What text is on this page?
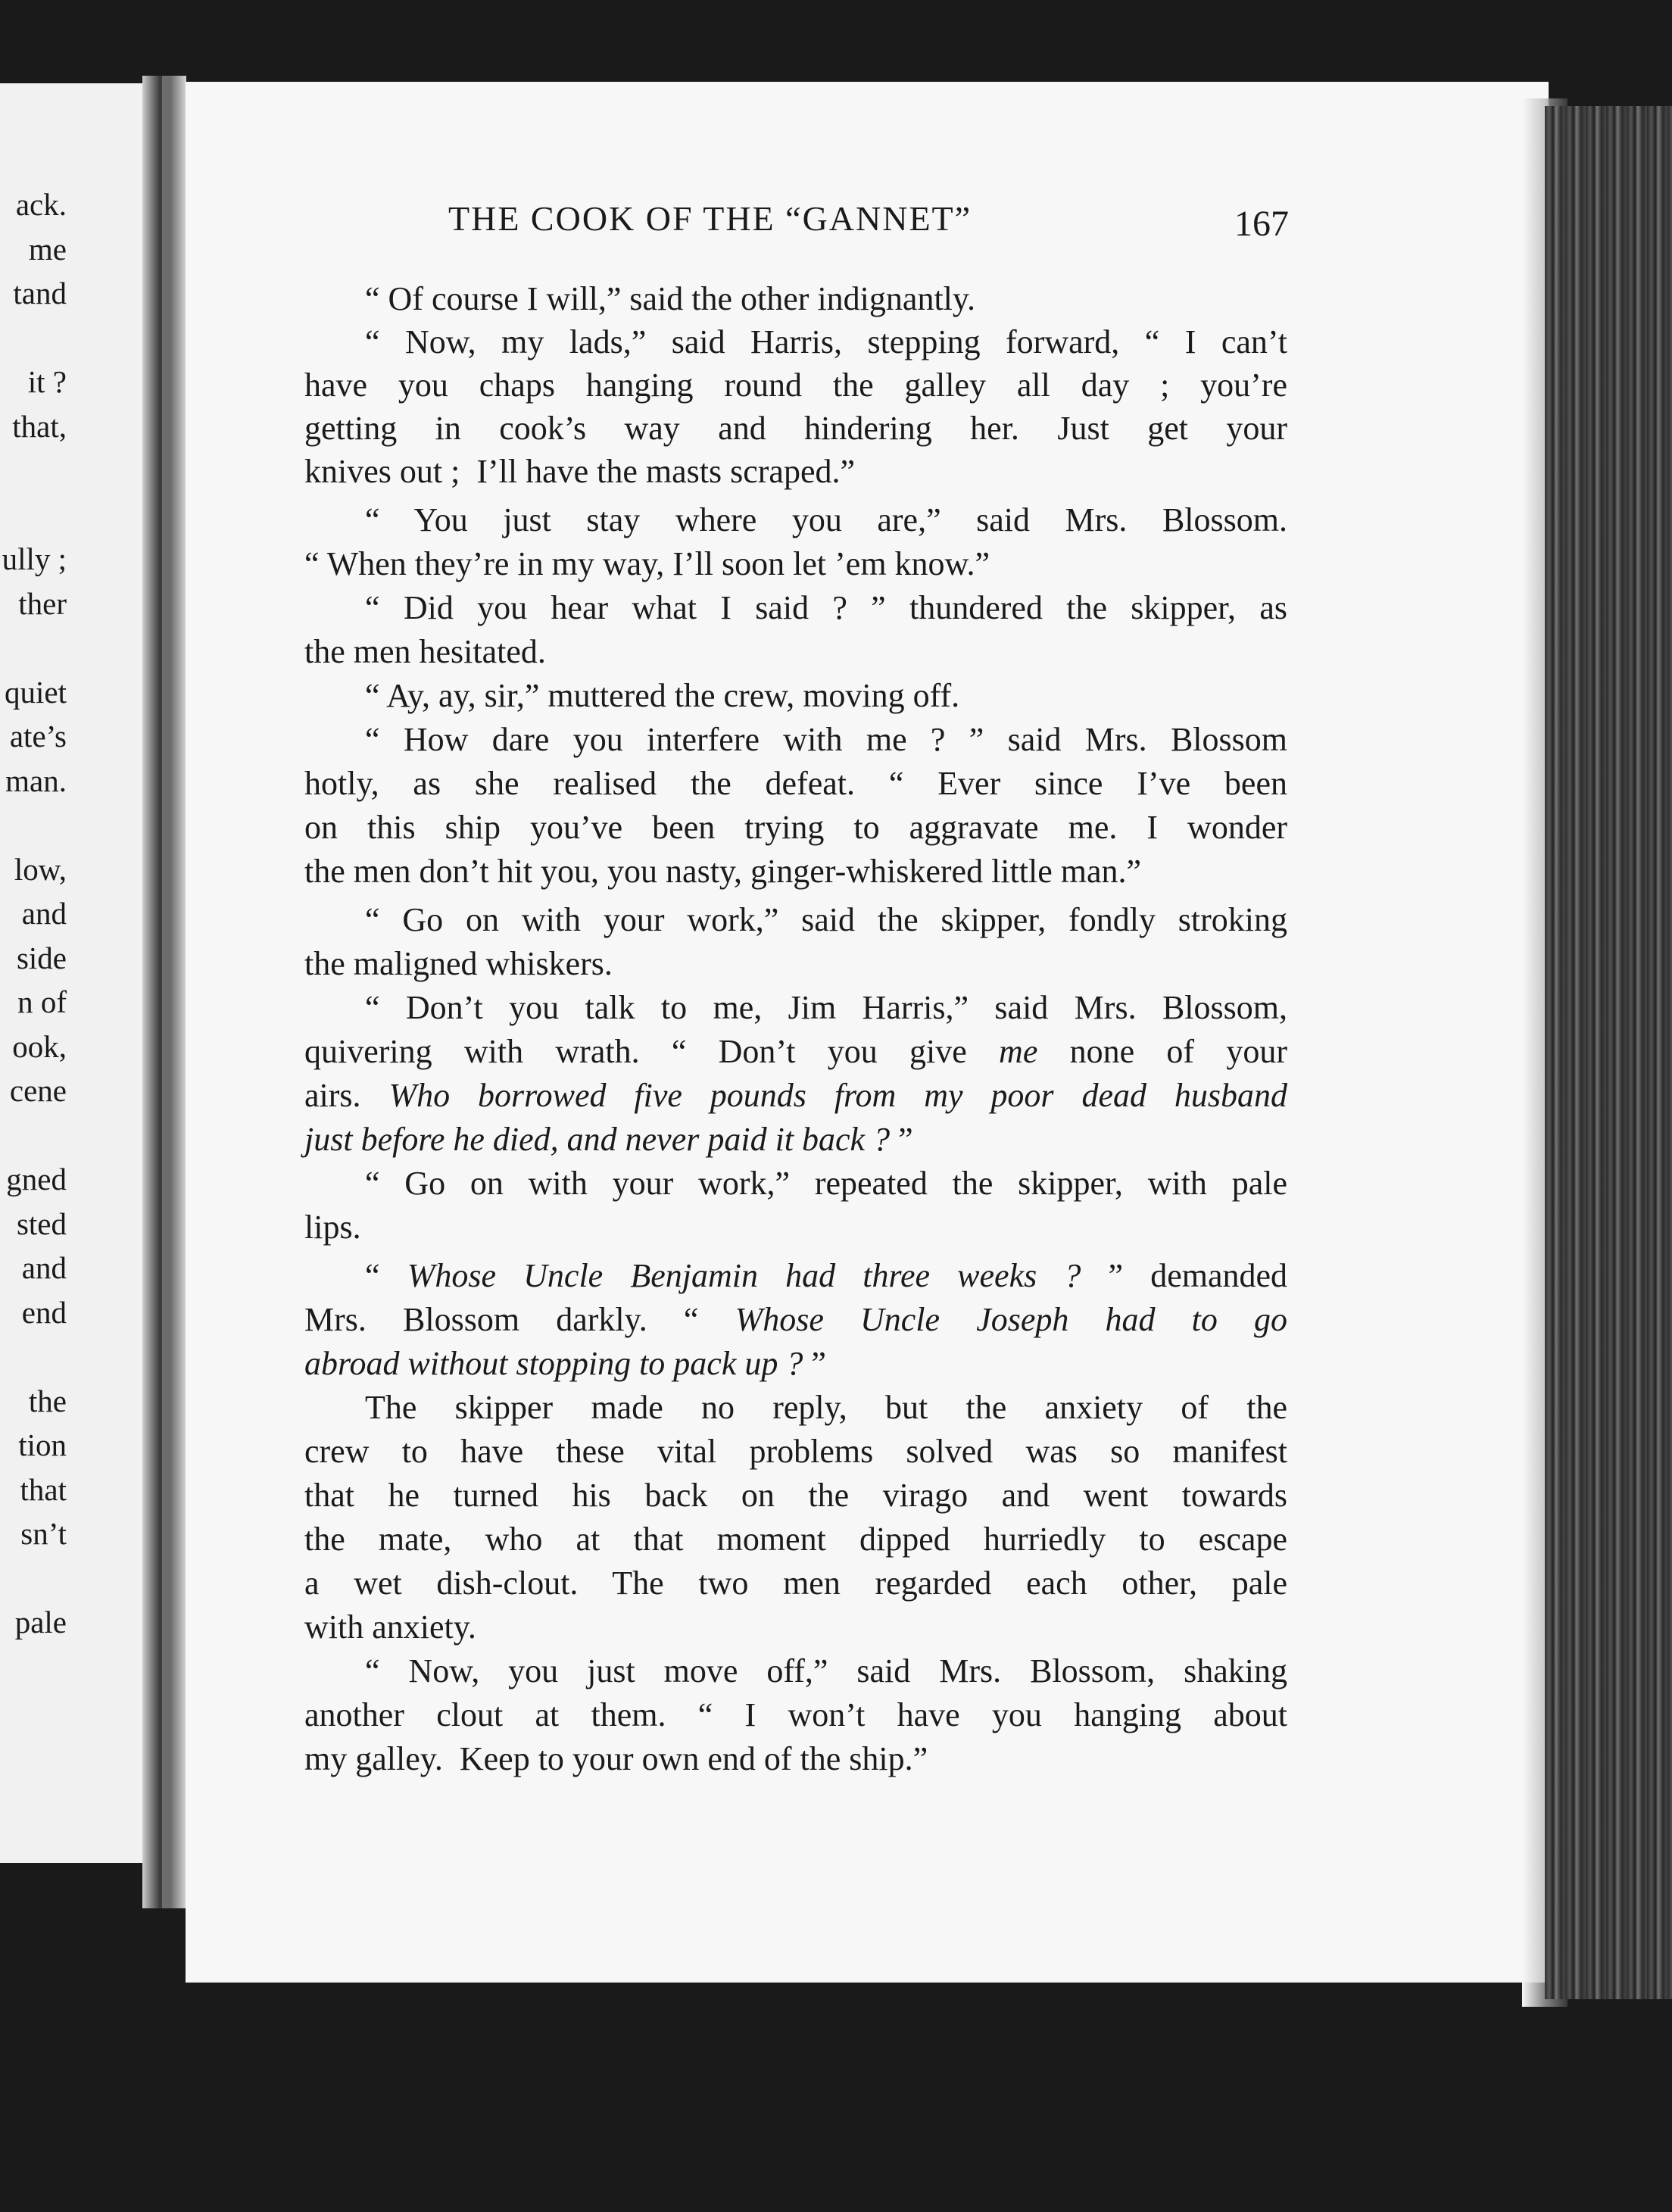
ack.
me
tand
it ?
that,
ully ;
ther
quiet
ate’s
man.
low,
and
side
n of
ook,
cene
gned
sted
and
end
the
tion
that
sn’t
pale
THE COOK OF THE “GANNET”	167
“ Of course I will,” said the other indignantly.
“ Now, my lads,” said Harris, stepping forward, “ I can’t
have you chaps hanging round the galley all day ; you’re
getting in cook’s way and hindering her. Just get your
knives out ;  I’ll have the masts scraped.”
“ You just stay where you are,” said Mrs. Blossom.
“ When they’re in my way, I’ll soon let ’em know.”
“ Did you hear what I said ? ” thundered the skipper, as
the men hesitated.
“ Ay, ay, sir,” muttered the crew, moving off.
“ How dare you interfere with me ? ” said Mrs. Blossom
hotly, as she realised the defeat. “ Ever since I’ve been
on this ship you’ve been trying to aggravate me. I wonder
the men don’t hit you, you nasty, ginger-whiskered little man.”
“ Go on with your work,” said the skipper, fondly stroking
the maligned whiskers.
“ Don’t you talk to me, Jim Harris,” said Mrs. Blossom,
quivering with wrath. “ Don’t you give me none of your
airs. Who borrowed five pounds from my poor dead husband
just before he died, and never paid it back ? ”
“ Go on with your work,” repeated the skipper, with pale
lips.
“ Whose Uncle Benjamin had three weeks ? ” demanded
Mrs. Blossom darkly. “ Whose Uncle Joseph had to go
abroad without stopping to pack up ? ”
The skipper made no reply, but the anxiety of the
crew to have these vital problems solved was so manifest
that he turned his back on the virago and went towards
the mate, who at that moment dipped hurriedly to escape
a wet dish-clout. The two men regarded each other, pale
with anxiety.
“ Now, you just move off,” said Mrs. Blossom, shaking
another clout at them. “ I won’t have you hanging about
my galley.  Keep to your own end of the ship.”
